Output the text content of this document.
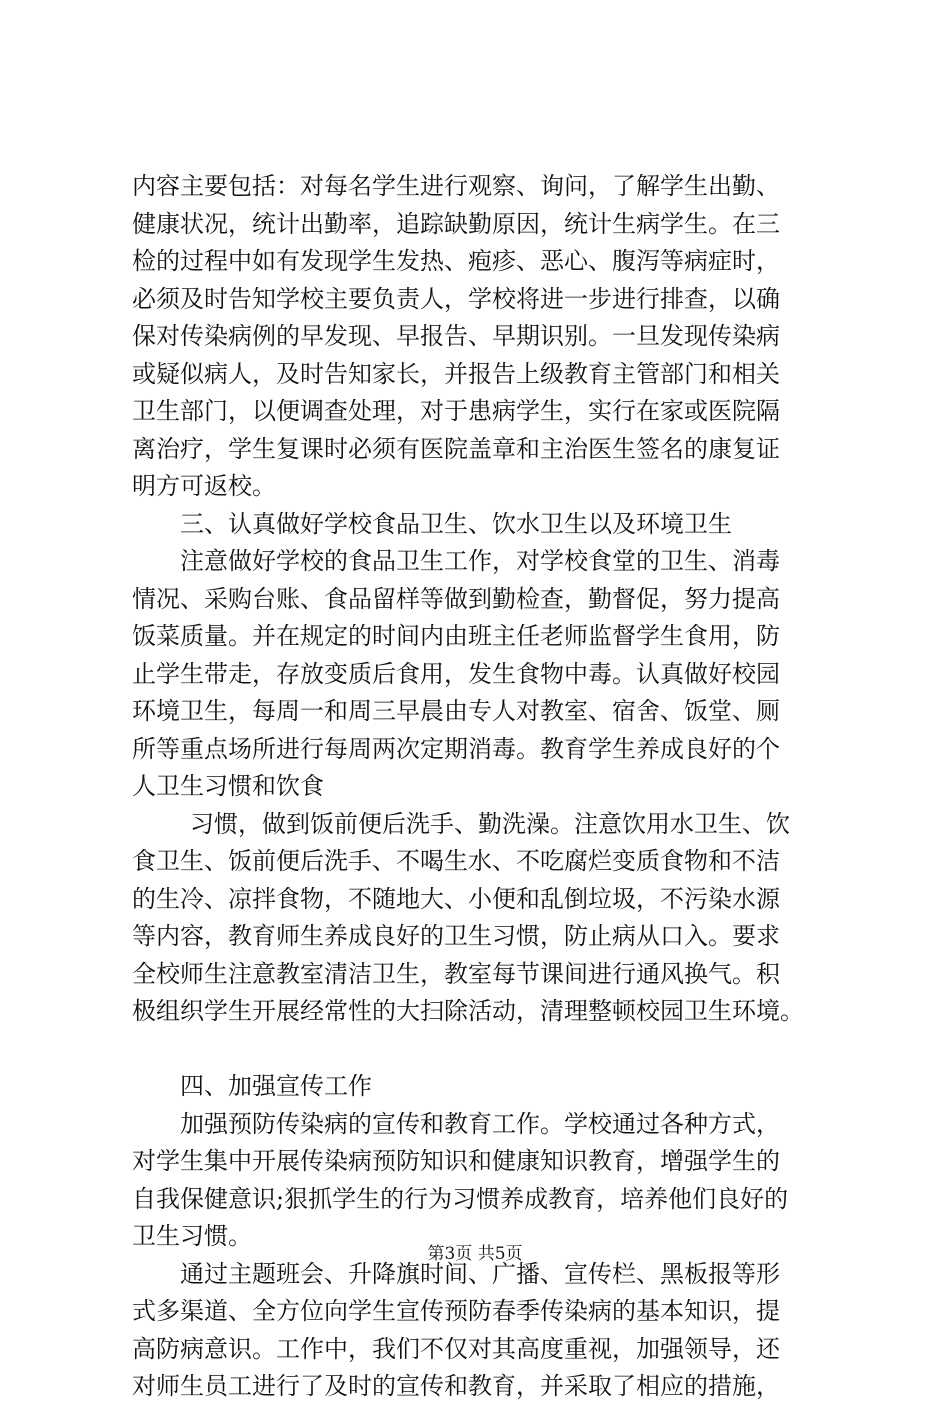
内容主要包括：对每名学生进行观察、询问，了解学生出勤、
健康状况，统计出勤率，追踪缺勤原因，统计生病学生。在三
检的过程中如有发现学生发热、疱疹、恶心、腹泻等病症时，
必须及时告知学校主要负责人，学校将进一步进行排查，以确
保对传染病例的早发现、早报告、早期识别。一旦发现传染病
或疑似病人，及时告知家长，并报告上级教育主管部门和相关
卫生部门，以便调查处理，对于患病学生，实行在家或医院隔
离治疗，学生复课时必须有医院盖章和主治医生签名的康复证
明方可返校。
三、认真做好学校食品卫生、饮水卫生以及环境卫生
注意做好学校的食品卫生工作，对学校食堂的卫生、消毒
情况、采购台账、食品留样等做到勤检查，勤督促，努力提高
饭菜质量。并在规定的时间内由班主任老师监督学生食用，防
止学生带走，存放变质后食用，发生食物中毒。认真做好校园
环境卫生，每周一和周三早晨由专人对教室、宿舍、饭堂、厕
所等重点场所进行每周两次定期消毒。教育学生养成良好的个
人卫生习惯和饮食
习惯，做到饭前便后洗手、勤洗澡。注意饮用水卫生、饮
食卫生、饭前便后洗手、不喝生水、不吃腐烂变质食物和不洁
的生冷、凉拌食物，不随地大、小便和乱倒垃圾，不污染水源
等内容，教育师生养成良好的卫生习惯，防止病从口入。要求
全校师生注意教室清洁卫生，教室每节课间进行通风换气。积
极组织学生开展经常性的大扫除活动，清理整顿校园卫生环境。
四、加强宣传工作
加强预防传染病的宣传和教育工作。学校通过各种方式，
对学生集中开展传染病预防知识和健康知识教育，增强学生的
自我保健意识;狠抓学生的行为习惯养成教育，培养他们良好的
卫生习惯。
通过主题班会、升降旗时间、广播、宣传栏、黑板报等形
式多渠道、全方位向学生宣传预防春季传染病的基本知识，提
高防病意识。工作中，我们不仅对其高度重视，加强领导，还
对师生员工进行了及时的宣传和教育，并采取了相应的措施，
第3页 共5页
